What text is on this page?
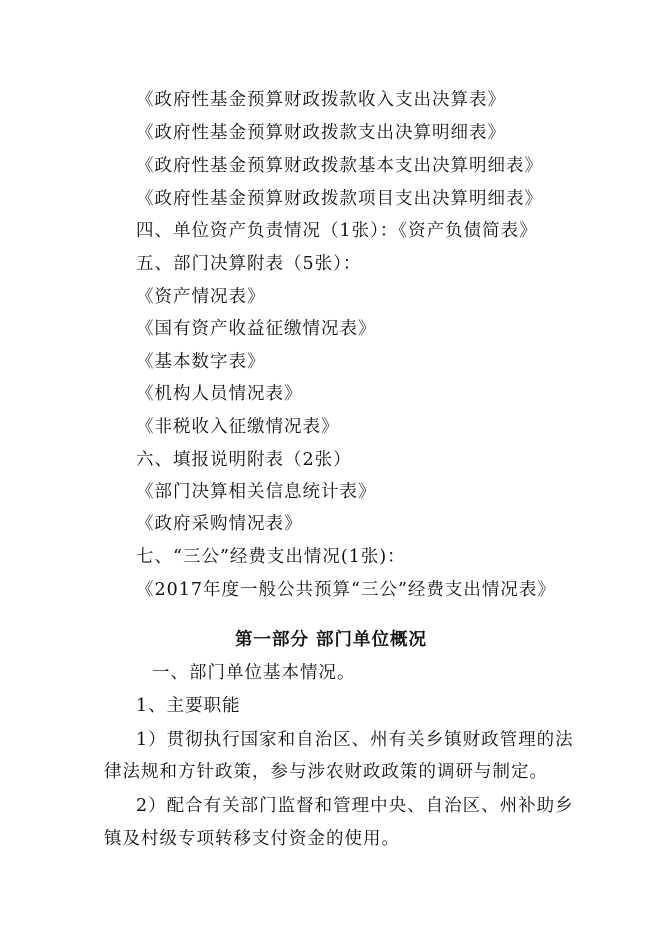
《政府性基金预算财政拨款收入支出决算表》
《政府性基金预算财政拨款支出决算明细表》
《政府性基金预算财政拨款基本支出决算明细表》
《政府性基金预算财政拨款项目支出决算明细表》
四、单位资产负责情况（1张）：《资产负债简表》
五、部门决算附表（5张）：
《资产情况表》
《国有资产收益征缴情况表》
《基本数字表》
《机构人员情况表》
《非税收入征缴情况表》
六、填报说明附表（2张）
《部门决算相关信息统计表》
《政府采购情况表》
七、“三公”经费支出情况(1张)：
《2017年度一般公共预算“三公”经费支出情况表》
第一部分 部门单位概况
一、部门单位基本情况。
1、主要职能
1）贯彻执行国家和自治区、州有关乡镇财政管理的法
律法规和方针政策，参与涉农财政政策的调研与制定。
2）配合有关部门监督和管理中央、自治区、州补助乡
镇及村级专项转移支付资金的使用。
